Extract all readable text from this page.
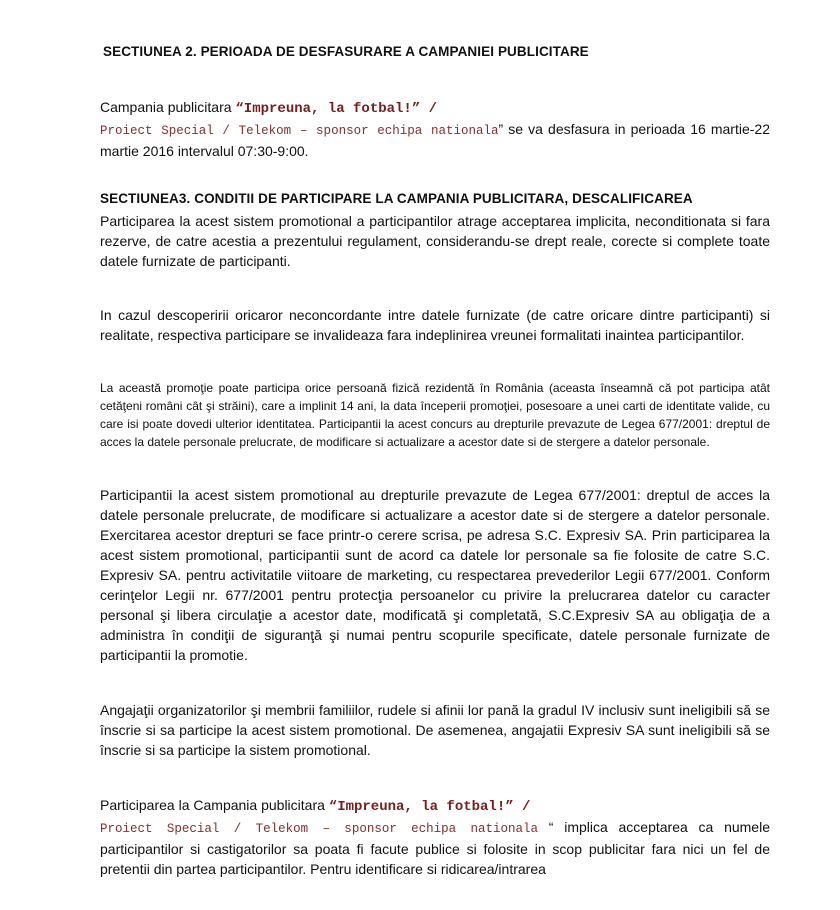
SECTIUNEA 2. PERIOADA DE DESFASURARE A CAMPANIEI PUBLICITARE
Campania publicitara “Impreuna, la fotbal!” /
Proiect Special / Telekom – sponsor echipa nationala” se va desfasura in perioada 16 martie-22 martie 2016 intervalul 07:30-9:00.
SECTIUNEA3. CONDITII DE PARTICIPARE LA CAMPANIA PUBLICITARA, DESCALIFICAREA
Participarea la acest sistem promotional a participantilor atrage acceptarea implicita, neconditionata si fara rezerve, de catre acestia a prezentului regulament, considerandu-se drept reale, corecte si complete toate datele furnizate de participanti.
In cazul descoperirii oricaror neconcordante intre datele furnizate (de catre oricare dintre participanti) si realitate, respectiva participare se invalideaza fara indeplinirea vreunei formalitati inaintea participantilor.
La această promoţie poate participa orice persoană fizică rezidentă în România (aceasta înseamnă că pot participa atât cetăţeni români cât şi străini), care a implinit 14 ani, la data începerii promoţiei, posesoare a unei carti de identitate valide, cu care isi poate dovedi ulterior identitatea. Participantii la acest concurs au drepturile prevazute de Legea 677/2001: dreptul de acces la datele personale prelucrate, de modificare si actualizare a acestor date si de stergere a datelor personale.
Participantii la acest sistem promotional au drepturile prevazute de Legea 677/2001: dreptul de acces la datele personale prelucrate, de modificare si actualizare a acestor date si de stergere a datelor personale. Exercitarea acestor drepturi se face printr-o cerere scrisa, pe adresa S.C. Expresiv SA. Prin participarea la acest sistem promotional, participantii sunt de acord ca datele lor personale sa fie folosite de catre S.C. Expresiv SA. pentru activitatile viitoare de marketing, cu respectarea prevederilor Legii 677/2001. Conform cerinţelor Legii nr. 677/2001 pentru protecţia persoanelor cu privire la prelucrarea datelor cu caracter personal şi libera circulaţie a acestor date, modificată şi completată, S.C.Expresiv SA au obligaţia de a administra în condiţii de siguranţă şi numai pentru scopurile specificate, datele personale furnizate de participantii la promotie.
Angajaţii organizatorilor şi membrii familiilor, rudele si afinii lor pană la gradul IV inclusiv sunt ineligibili să se înscrie si sa participe la acest sistem promotional. De asemenea, angajatii Expresiv SA sunt ineligibili să se înscrie si sa participe la sistem promotional.
Participarea la Campania publicitara “Impreuna, la fotbal!” /
Proiect Special / Telekom – sponsor echipa nationala “ implica acceptarea ca numele participantilor si castigatorilor sa poata fi facute publice si folosite in scop publicitar fara nici un fel de pretentii din partea participantilor. Pentru identificare si ridicarea/intrarea
